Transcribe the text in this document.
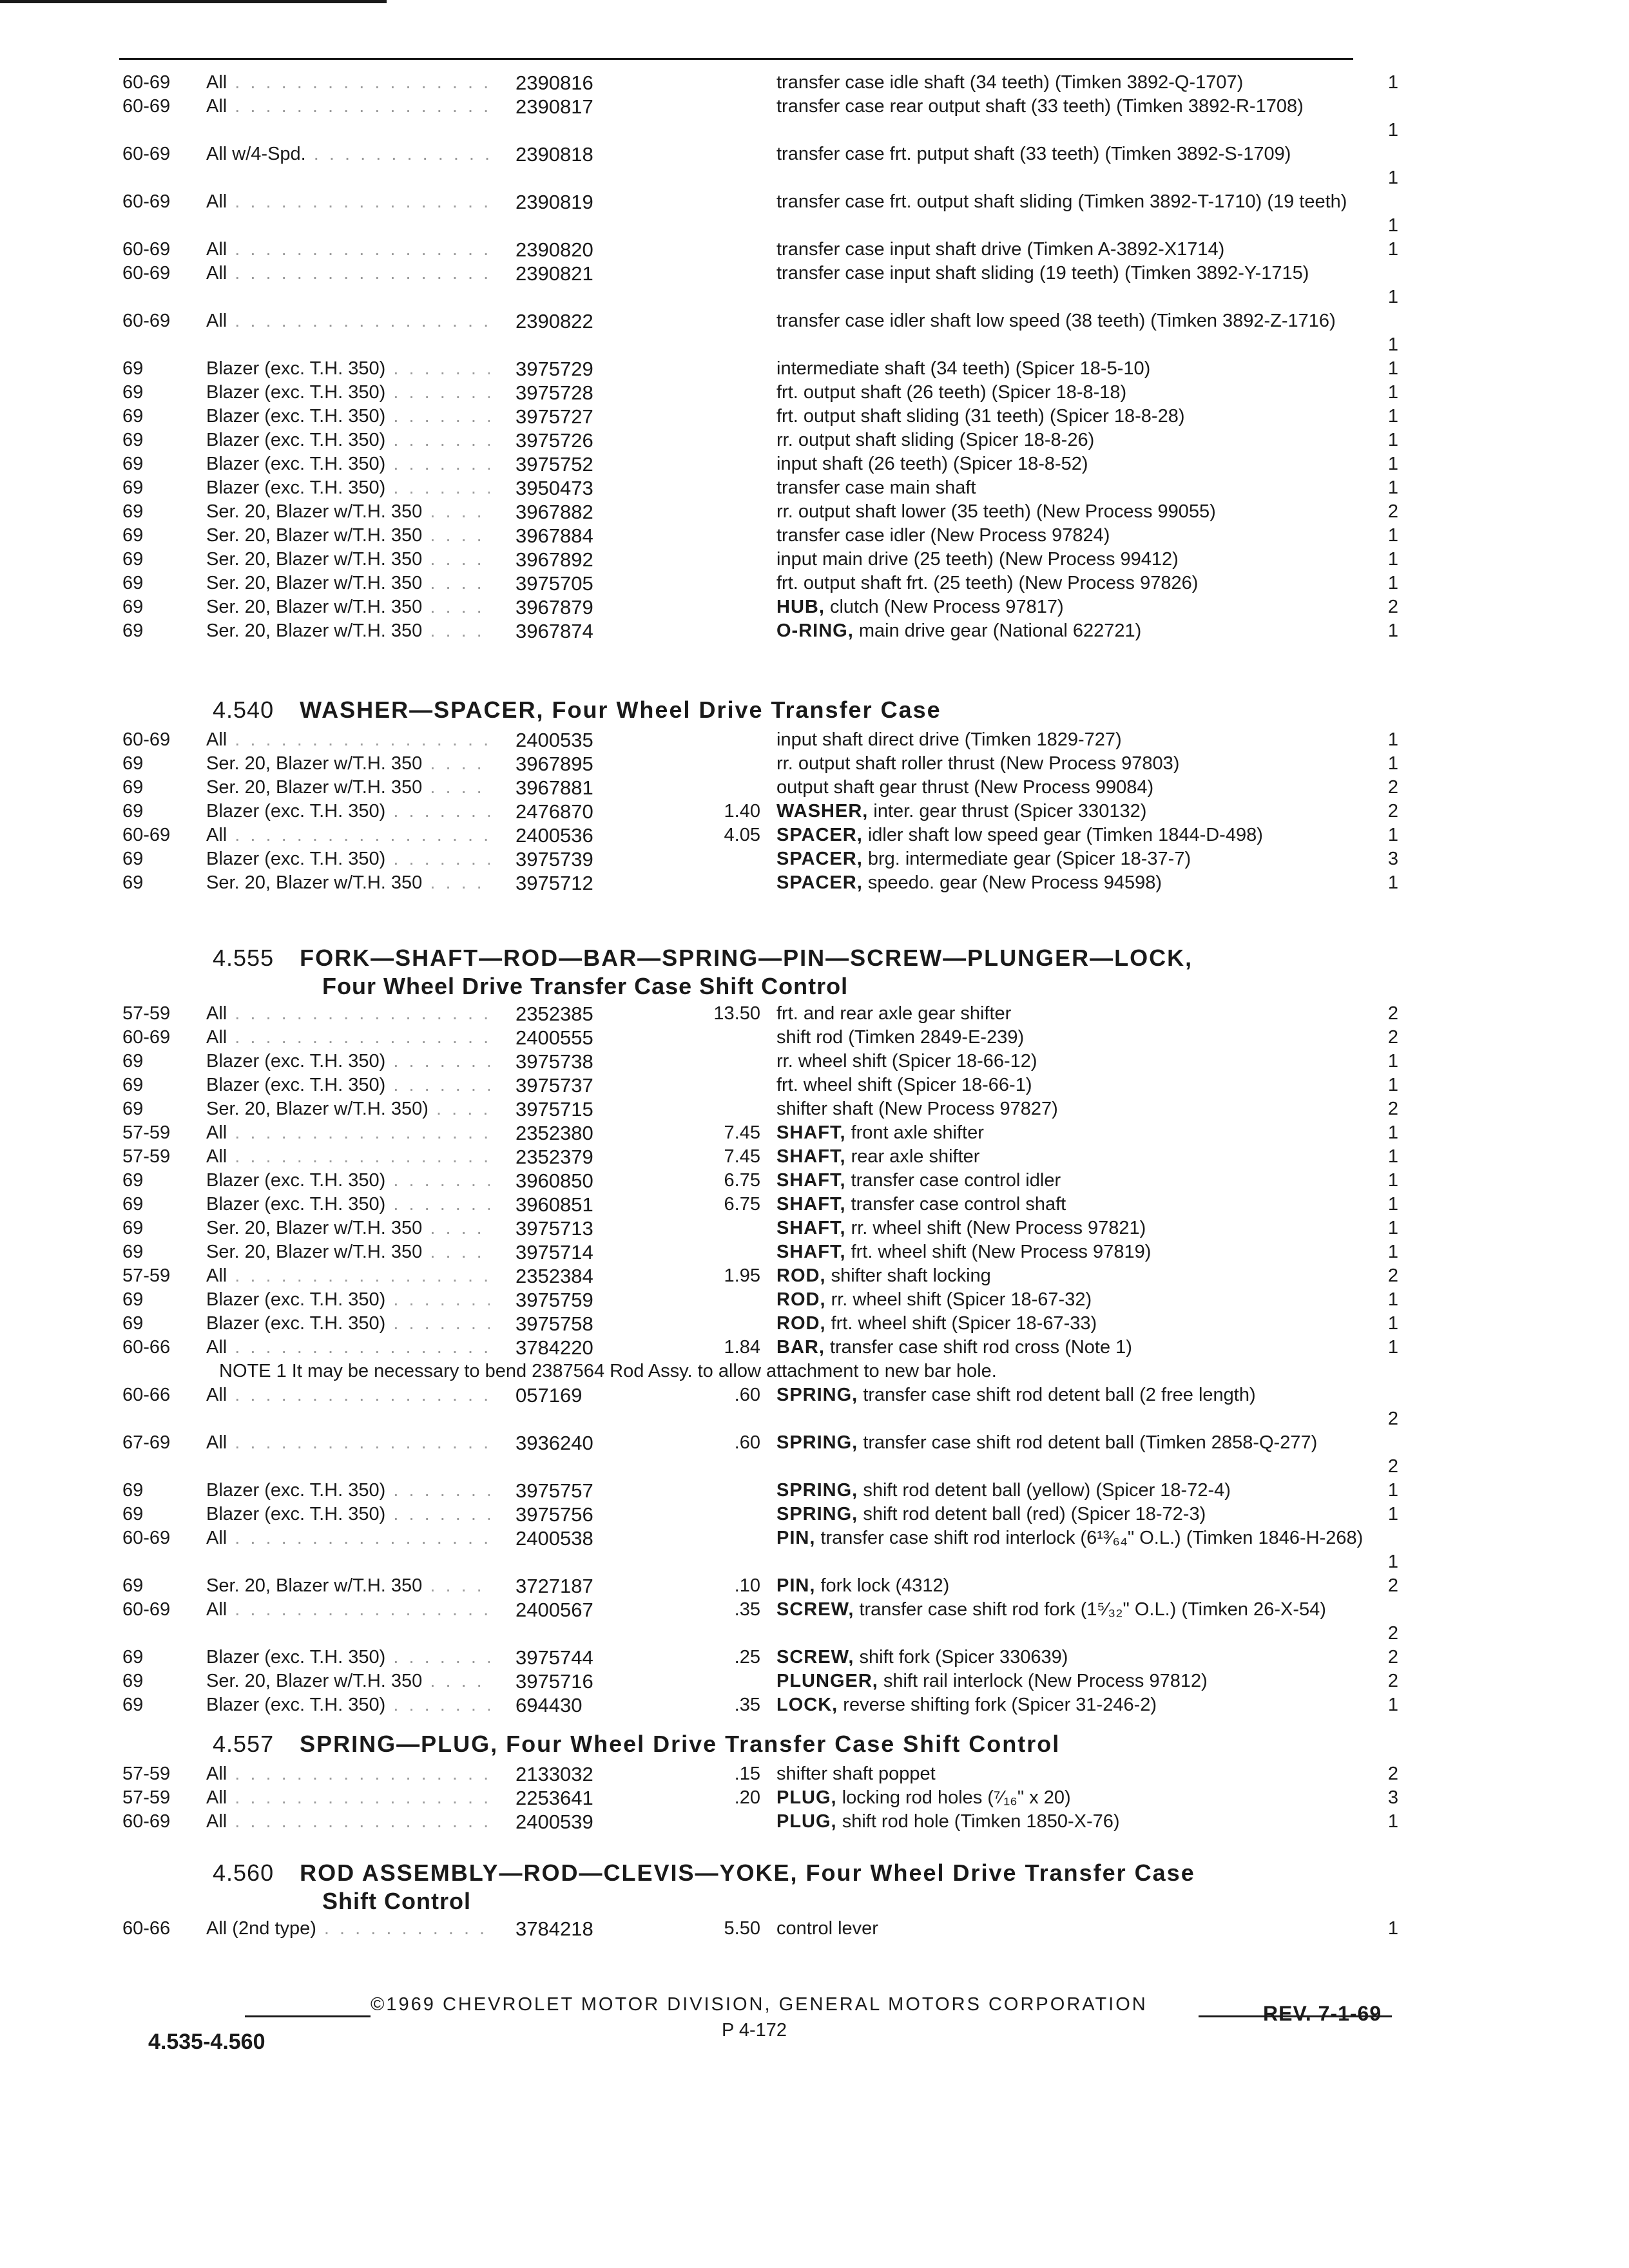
60-69	All . . .	2390816	transfer case idle shaft (34 teeth) (Timken 3892-Q-1707)	1
60-69	All . . .	2390817	transfer case rear output shaft (33 teeth) (Timken 3892-R-1708)
1
60-69	All w/4-Spd. . . .	2390818	transfer case frt. putput shaft (33 teeth) (Timken 3892-S-1709)
1
60-69	All . . .	2390819	transfer case frt. output shaft sliding (Timken 3892-T-1710) (19 teeth)
1
60-69	All . . .	2390820	transfer case input shaft drive (Timken A-3892-X1714)	1
60-69	All . . .	2390821	transfer case input shaft sliding (19 teeth) (Timken 3892-Y-1715)
1
60-69	All . . .	2390822	transfer case idler shaft low speed (38 teeth) (Timken 3892-Z-1716)
1
69	Blazer (exc. T.H. 350) . . .	3975729	intermediate shaft (34 teeth) (Spicer 18-5-10)	1
69	Blazer (exc. T.H. 350) . . .	3975728	frt. output shaft (26 teeth) (Spicer 18-8-18)	1
69	Blazer (exc. T.H. 350) . . .	3975727	frt. output shaft sliding (31 teeth) (Spicer 18-8-28)	1
69	Blazer (exc. T.H. 350) . . .	3975726	rr. output shaft sliding (Spicer 18-8-26)	1
69	Blazer (exc. T.H. 350) . . .	3975752	input shaft (26 teeth) (Spicer 18-8-52)	1
69	Blazer (exc. T.H. 350) . . .	3950473	transfer case main shaft	1
69	Ser. 20, Blazer w/T.H. 350 . . .	3967882	rr. output shaft lower (35 teeth) (New Process 99055)	2
69	Ser. 20, Blazer w/T.H. 350 . . .	3967884	transfer case idler (New Process 97824)	1
69	Ser. 20, Blazer w/T.H. 350 . . .	3967892	input main drive (25 teeth) (New Process 99412)	1
69	Ser. 20, Blazer w/T.H. 350 . . .	3975705	frt. output shaft frt. (25 teeth) (New Process 97826)	1
69	Ser. 20, Blazer w/T.H. 350 . . .	3967879	HUB, clutch (New Process 97817)	2
69	Ser. 20, Blazer w/T.H. 350 . . .	3967874	O-RING, main drive gear (National 622721)	1
4.540 WASHER—SPACER, Four Wheel Drive Transfer Case
60-69	All . . .	2400535	input shaft direct drive (Timken 1829-727)	1
69	Ser. 20, Blazer w/T.H. 350 . . .	3967895	rr. output shaft roller thrust (New Process 97803)	1
69	Ser. 20, Blazer w/T.H. 350 . . .	3967881	output shaft gear thrust (New Process 99084)	2
69	Blazer (exc. T.H. 350) . . .	2476870	1.40 WASHER, inter. gear thrust (Spicer 330132)	2
60-69	All . . .	2400536	4.05 SPACER, idler shaft low speed gear (Timken 1844-D-498)	1
69	Blazer (exc. T.H. 350) . . .	3975739	SPACER, brg. intermediate gear (Spicer 18-37-7)	3
69	Ser. 20, Blazer w/T.H. 350 . . .	3975712	SPACER, speedo. gear (New Process 94598)	1
4.555 FORK—SHAFT—ROD—BAR—SPRING—PIN—SCREW—PLUNGER—LOCK,
Four Wheel Drive Transfer Case Shift Control
57-59	All . . .	2352385	13.50 frt. and rear axle gear shifter	2
60-69	All . . .	2400555	shift rod (Timken 2849-E-239)	2
69	Blazer (exc. T.H. 350) . . .	3975738	rr. wheel shift (Spicer 18-66-12)	1
69	Blazer (exc. T.H. 350) . . .	3975737	frt. wheel shift (Spicer 18-66-1)	1
69	Ser. 20, Blazer w/T.H. 350) . . .	3975715	shifter shaft (New Process 97827)	2
57-59	All . . .	2352380	7.45 SHAFT, front axle shifter	1
57-59	All . . .	2352379	7.45 SHAFT, rear axle shifter	1
69	Blazer (exc. T.H. 350) . . .	3960850	6.75 SHAFT, transfer case control idler	1
69	Blazer (exc. T.H. 350) . . .	3960851	6.75 SHAFT, transfer case control shaft	1
69	Ser. 20, Blazer w/T.H. 350 . . .	3975713	SHAFT, rr. wheel shift (New Process 97821)	1
69	Ser. 20, Blazer w/T.H. 350 . . .	3975714	SHAFT, frt. wheel shift (New Process 97819)	1
57-59	All . . .	2352384	1.95 ROD, shifter shaft locking	2
69	Blazer (exc. T.H. 350) . . .	3975759	ROD, rr. wheel shift (Spicer 18-67-32)	1
69	Blazer (exc. T.H. 350) . . .	3975758	ROD, frt. wheel shift (Spicer 18-67-33)	1
60-66	All . . .	3784220	1.84 BAR, transfer case shift rod cross (Note 1)	1
NOTE 1 It may be necessary to bend 2387564 Rod Assy. to allow attachment to new bar hole.
60-66	All . . .	057169	.60 SPRING, transfer case shift rod detent ball (2 free length)
2
67-69	All . . .	3936240	.60 SPRING, transfer case shift rod detent ball (Timken 2858-Q-277)
2
69	Blazer (exc. T.H. 350) . . .	3975757	SPRING, shift rod detent ball (yellow) (Spicer 18-72-4)	1
69	Blazer (exc. T.H. 350) . . .	3975756	SPRING, shift rod detent ball (red) (Spicer 18-72-3)	1
60-69	All . . .	2400538	PIN, transfer case shift rod interlock (6¹³⁄₆₄" O.L.) (Timken 1846-H-268)
1
69	Ser. 20, Blazer w/T.H. 350 . . .	3727187	.10 PIN, fork lock (4312)	2
60-69	All . . .	2400567	.35 SCREW, transfer case shift rod fork (1⁵⁄₃₂" O.L.) (Timken 26-X-54)
2
69	Blazer (exc. T.H. 350) . . .	3975744	.25 SCREW, shift fork (Spicer 330639)	2
69	Ser. 20, Blazer w/T.H. 350 . . .	3975716	PLUNGER, shift rail interlock (New Process 97812)	2
69	Blazer (exc. T.H. 350) . . .	694430	.35 LOCK, reverse shifting fork (Spicer 31-246-2)	1
4.557 SPRING—PLUG, Four Wheel Drive Transfer Case Shift Control
57-59	All . . .	2133032	.15 shifter shaft poppet	2
57-59	All . . .	2253641	.20 PLUG, locking rod holes (⁷⁄₁₆" x 20)	3
60-69	All . . .	2400539	PLUG, shift rod hole (Timken 1850-X-76)	1
4.560 ROD ASSEMBLY—ROD—CLEVIS—YOKE, Four Wheel Drive Transfer Case
Shift Control
60-66	All (2nd type) . . .	3784218	5.50 control lever	1
©1969 CHEVROLET MOTOR DIVISION, GENERAL MOTORS CORPORATION
4.535-4.560	P 4-172
REV. 7-1-69
